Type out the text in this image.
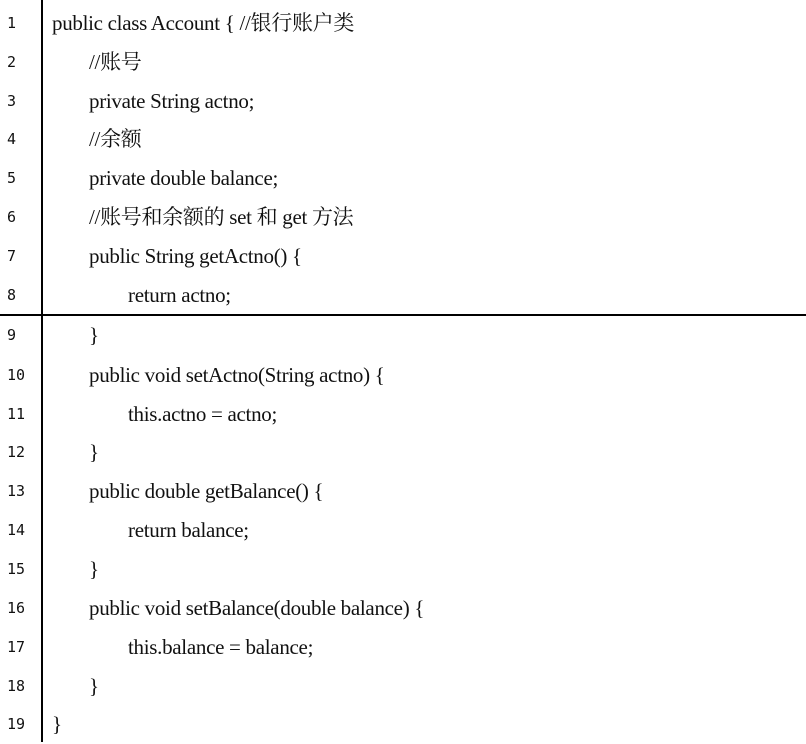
1	public class Account { //银行账户类
2	//账号
3	private String actno;
4	//余额
5	private double balance;
6	//账号和余额的 set 和 get 方法
7	public String getActno() {
8	return actno;
9	}
10	public void setActno(String actno) {
11	this.actno = actno;
12	}
13	public double getBalance() {
14	return balance;
15	}
16	public void setBalance(double balance) {
17	this.balance = balance;
18	}
19	}
